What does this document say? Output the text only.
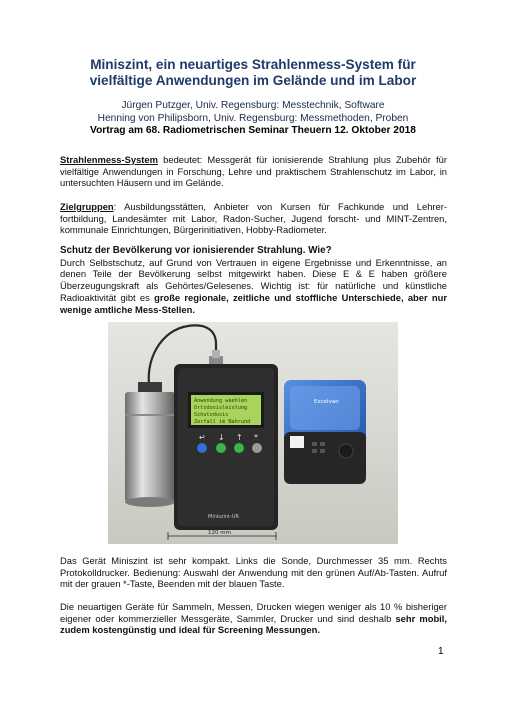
Miniszint, ein neuartiges Strahlenmess-System für
vielfältige Anwendungen im Gelände und im Labor
Jürgen Putzger, Univ. Regensburg: Messtechnik, Software
Henning von Philipsborn, Univ. Regensburg: Messmethoden, Proben
Vortrag am 68. Radiometrischen Seminar Theuern 12. Oktober 2018
Strahlenmess-System bedeutet: Messgerät für ionisierende Strahlung plus Zubehör für vielfältige Anwendungen in Forschung, Lehre und praktischem Strahlenschutz im Labor, in untersuchten Häusern und im Gelände.
Zielgruppen: Ausbildungsstätten, Anbieter von Kursen für Fachkunde und Lehrer-fortbildung, Landesämter mit Labor, Radon-Sucher, Jugend forscht- und MINT-Zentren, kommunale Einrichtungen, Bürgerinitiativen, Hobby-Radiometer.
Schutz der Bevölkerung vor ionisierender Strahlung. Wie?
Durch Selbstschutz, auf Grund von Vertrauen in eigene Ergebnisse und Erkenntnisse, an denen Teile der Bevölkerung selbst mitgewirkt haben. Diese E & E haben größere Überzeugungskraft als Gehörtes/Gelesenes. Wichtig ist: für natürliche und künstliche Radioaktivität gibt es große regionale, zeitliche und stoffliche Unterschiede, aber nur wenige amtliche Mess-Stellen.
Anwendung waehlen
Ortsdosisleistung
Schutzdosis
Zerfall im Nahrund
↵ ↓ ↑ *
Miniszint-UR
Excelvan
120 mm
Das Gerät Miniszint ist sehr kompakt. Links die Sonde, Durchmesser 35 mm. Rechts Protokolldrucker. Bedienung: Auswahl der Anwendung mit den grünen Auf/Ab-Tasten. Aufruf mit der grauen *-Taste, Beenden mit der blauen Taste.
Die neuartigen Geräte für Sammeln, Messen, Drucken wiegen weniger als 10 % bisheriger eigener oder kommerzieller Messgeräte, Sammler, Drucker und sind deshalb sehr mobil, zudem kostengünstig und ideal für Screening Messungen.
1
